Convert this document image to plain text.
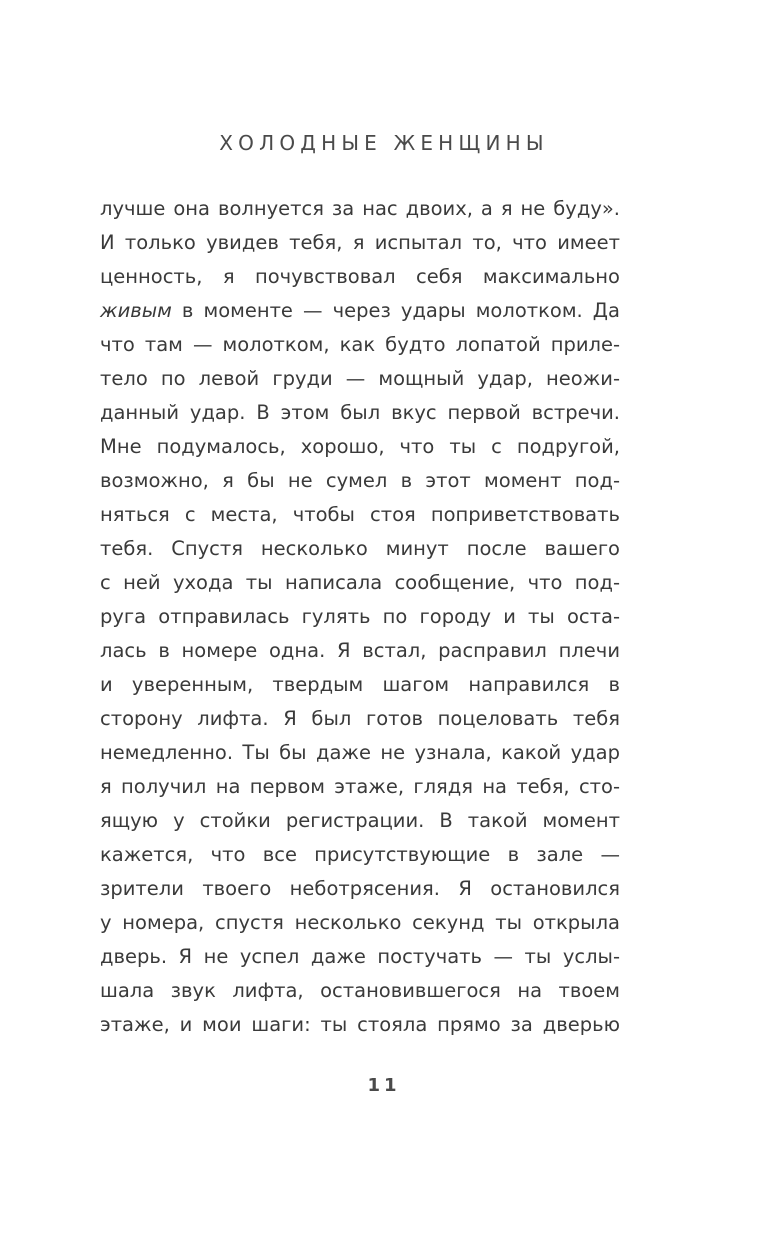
ХОЛОДНЫЕ ЖЕНЩИНЫ
лучше она волнуется за нас двоих, а я не буду».
И только увидев тебя, я испытал то, что имеет
ценность, я почувствовал себя максимально
живым в моменте — через удары молотком. Да
что там — молотком, как будто лопатой приле-
тело по левой груди — мощный удар, неожи-
данный удар. В этом был вкус первой встречи.
Мне подумалось, хорошо, что ты с подругой,
возможно, я бы не сумел в этот момент под-
няться с места, чтобы стоя поприветствовать
тебя. Спустя несколько минут после вашего
с ней ухода ты написала сообщение, что под-
руга отправилась гулять по городу и ты оста-
лась в номере одна. Я встал, расправил плечи
и уверенным, твердым шагом направился в
сторону лифта. Я был готов поцеловать тебя
немедленно. Ты бы даже не узнала, какой удар
я получил на первом этаже, глядя на тебя, сто-
ящую у стойки регистрации. В такой момент
кажется, что все присутствующие в зале —
зрители твоего неботрясения. Я остановился
у номера, спустя несколько секунд ты открыла
дверь. Я не успел даже постучать — ты услы-
шала звук лифта, остановившегося на твоем
этаже, и мои шаги: ты стояла прямо за дверью
11
